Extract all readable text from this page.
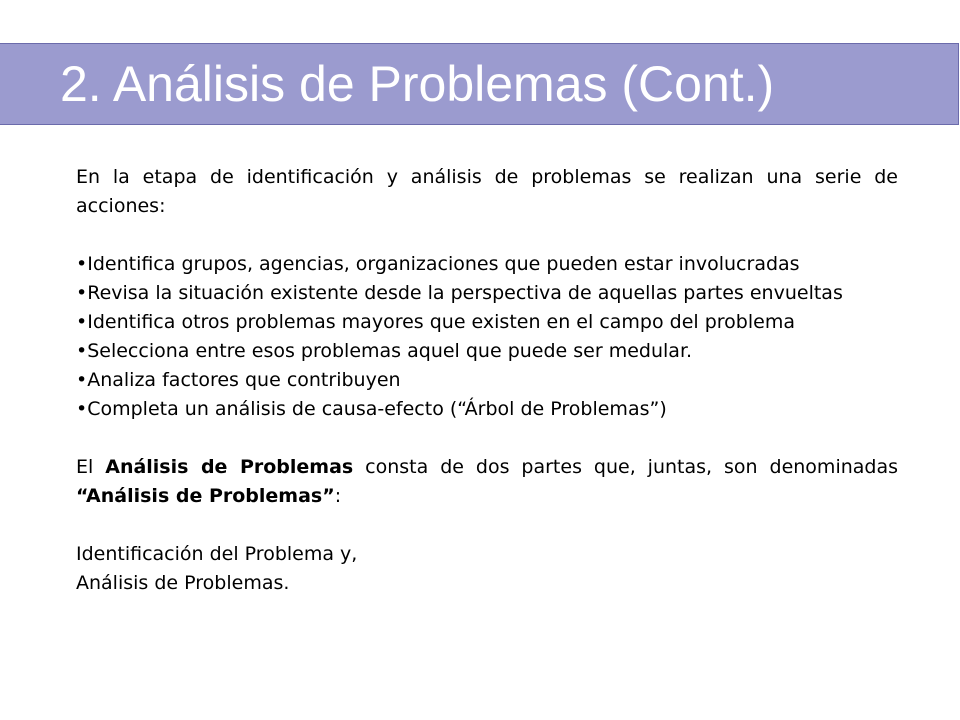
2. Análisis de Problemas (Cont.)

En la etapa de identificación y análisis de problemas se realizan una serie de acciones:

• Identifica grupos, agencias, organizaciones que pueden estar involucradas

• Revisa la situación existente desde la perspectiva de aquellas partes envueltas

• Identifica otros problemas mayores que existen en el campo del problema

• Selecciona entre esos problemas aquel que puede ser medular.

• Analiza factores que contribuyen

• Completa un análisis de causa-efecto (“Árbol de Problemas”)

El Análisis de Problemas consta de dos partes que, juntas, son denominadas “Análisis de Problemas”:

Identificación del Problema y,

Análisis de Problemas.
